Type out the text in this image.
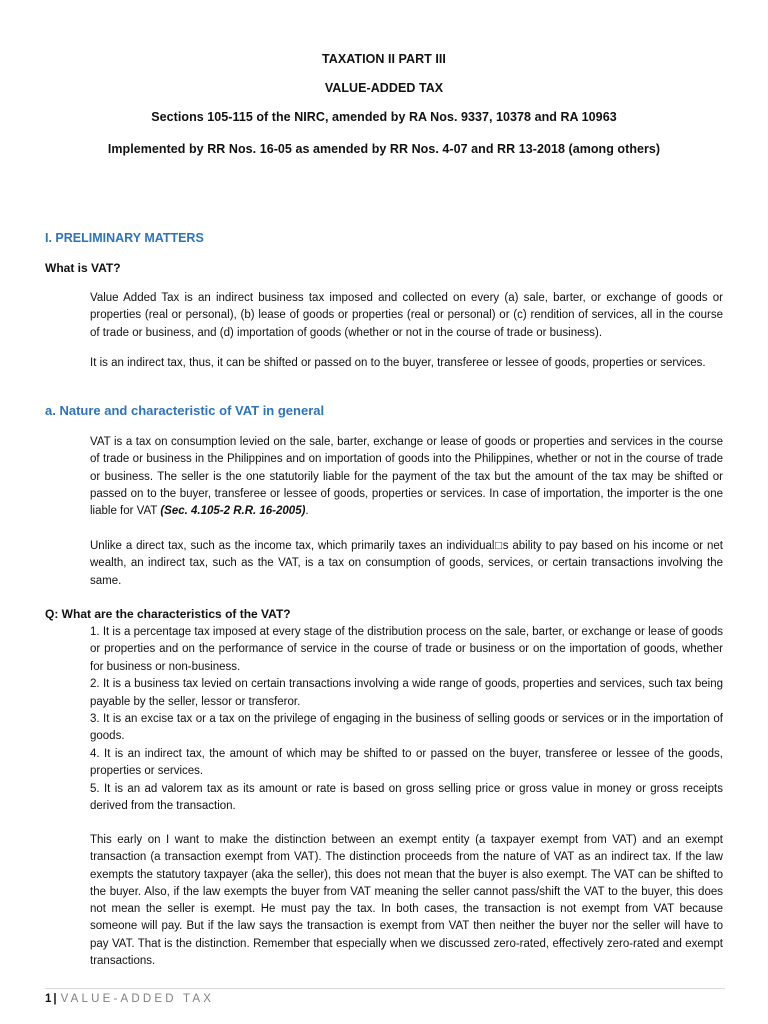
TAXATION II PART III
VALUE-ADDED TAX
Sections 105-115 of the NIRC, amended by RA Nos. 9337, 10378 and RA 10963
Implemented by RR Nos. 16-05 as amended by RR Nos. 4-07 and RR 13-2018 (among others)
I. PRELIMINARY MATTERS
What is VAT?
Value Added Tax is an indirect business tax imposed and collected on every (a) sale, barter, or exchange of goods or properties (real or personal), (b) lease of goods or properties (real or personal) or (c) rendition of services, all in the course of trade or business, and (d) importation of goods (whether or not in the course of trade or business).
It is an indirect tax, thus, it can be shifted or passed on to the buyer, transferee or lessee of goods, properties or services.
a. Nature and characteristic of VAT in general
VAT is a tax on consumption levied on the sale, barter, exchange or lease of goods or properties and services in the course of trade or business in the Philippines and on importation of goods into the Philippines, whether or not in the course of trade or business. The seller is the one statutorily liable for the payment of the tax but the amount of the tax may be shifted or passed on to the buyer, transferee or lessee of goods, properties or services. In case of importation, the importer is the one liable for VAT (Sec. 4.105-2 R.R. 16-2005).
Unlike a direct tax, such as the income tax, which primarily taxes an individual□s ability to pay based on his income or net wealth, an indirect tax, such as the VAT, is a tax on consumption of goods, services, or certain transactions involving the same.
Q: What are the characteristics of the VAT?
1. It is a percentage tax imposed at every stage of the distribution process on the sale, barter, or exchange or lease of goods or properties and on the performance of service in the course of trade or business or on the importation of goods, whether for business or non-business.
2. It is a business tax levied on certain transactions involving a wide range of goods, properties and services, such tax being payable by the seller, lessor or transferor.
3. It is an excise tax or a tax on the privilege of engaging in the business of selling goods or services or in the importation of goods.
4. It is an indirect tax, the amount of which may be shifted to or passed on the buyer, transferee or lessee of the goods, properties or services.
5. It is an ad valorem tax as its amount or rate is based on gross selling price or gross value in money or gross receipts derived from the transaction.
This early on I want to make the distinction between an exempt entity (a taxpayer exempt from VAT) and an exempt transaction (a transaction exempt from VAT). The distinction proceeds from the nature of VAT as an indirect tax. If the law exempts the statutory taxpayer (aka the seller), this does not mean that the buyer is also exempt. The VAT can be shifted to the buyer. Also, if the law exempts the buyer from VAT meaning the seller cannot pass/shift the VAT to the buyer, this does not mean the seller is exempt. He must pay the tax. In both cases, the transaction is not exempt from VAT because someone will pay. But if the law says the transaction is exempt from VAT then neither the buyer nor the seller will have to pay VAT. That is the distinction. Remember that especially when we discussed zero-rated, effectively zero-rated and exempt transactions.
1 | VALUE-ADDED TAX
